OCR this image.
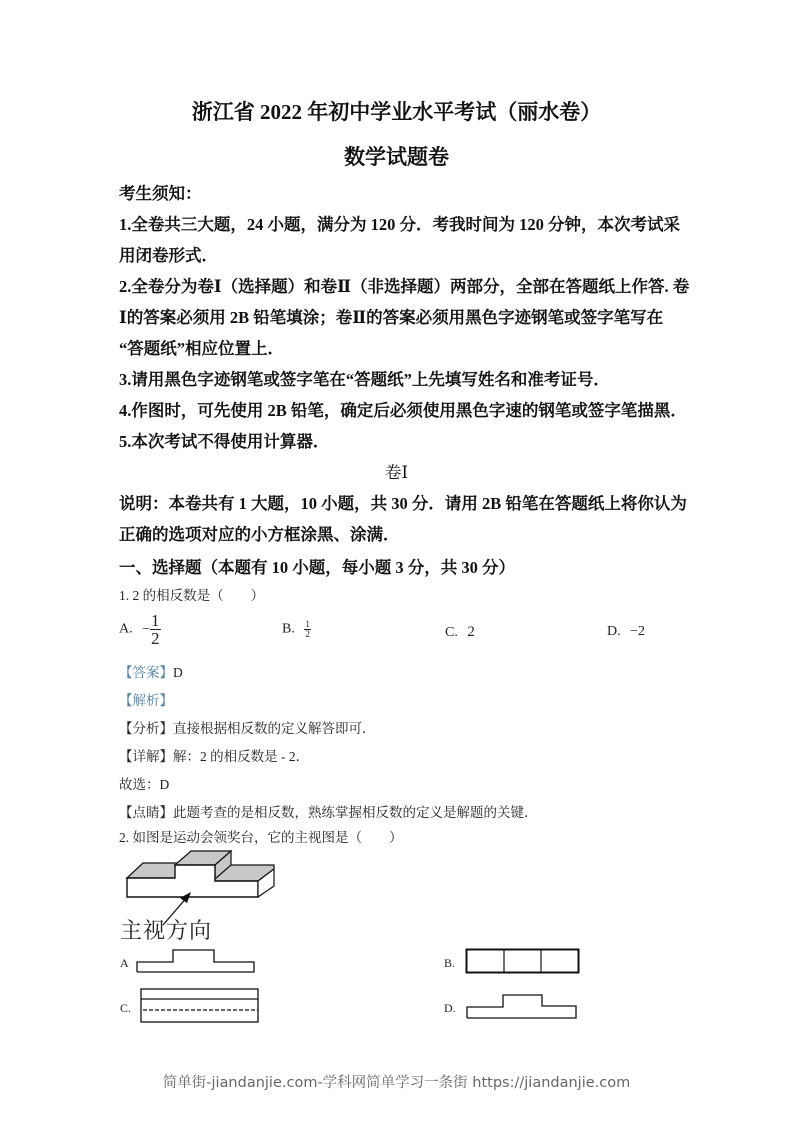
浙江省 2022 年初中学业水平考试（丽水卷）
数学试题卷
考生须知：
1.全卷共三大题，24 小题，满分为 120 分．考我时间为 120 分钟，本次考试采
用闭卷形式．
2.全卷分为卷Ⅰ（选择题）和卷Ⅱ（非选择题）两部分，全部在答题纸上作答. 卷
Ⅰ的答案必须用 2B 铅笔填涂；卷Ⅱ的答案必须用黑色字迹钢笔或签字笔写在
“答题纸”相应位置上．
3.请用黑色字迹钢笔或签字笔在“答题纸”上先填写姓名和准考证号．
4.作图时，可先使用 2B 铅笔，确定后必须使用黑色字速的钢笔或签字笔描黑．
5.本次考试不得使用计算器．
卷Ⅰ
说明：本卷共有 1 大题，10 小题，共 30 分．请用 2B 铅笔在答题纸上将你认为
正确的选项对应的小方框涂黑、涂满．
一、选择题（本题有 10 小题，每小题 3 分，共 30 分）
1. 2 的相反数是（　　）
A. − $\frac{1}{2}$	B. $\frac{1}{2}$	C. 2	D. −2
【答案】D
【解析】
【分析】直接根据相反数的定义解答即可．
【详解】解：2 的相反数是 - 2．
故选：D
【点睛】此题考查的是相反数，熟练掌握相反数的定义是解题的关键．
2. 如图是运动会领奖台，它的主视图是（　　）
主视方向
A	B.
C.	D.
简单街-jiandanjie.com-学科网简单学习一条街 https://jiandanjie.com
